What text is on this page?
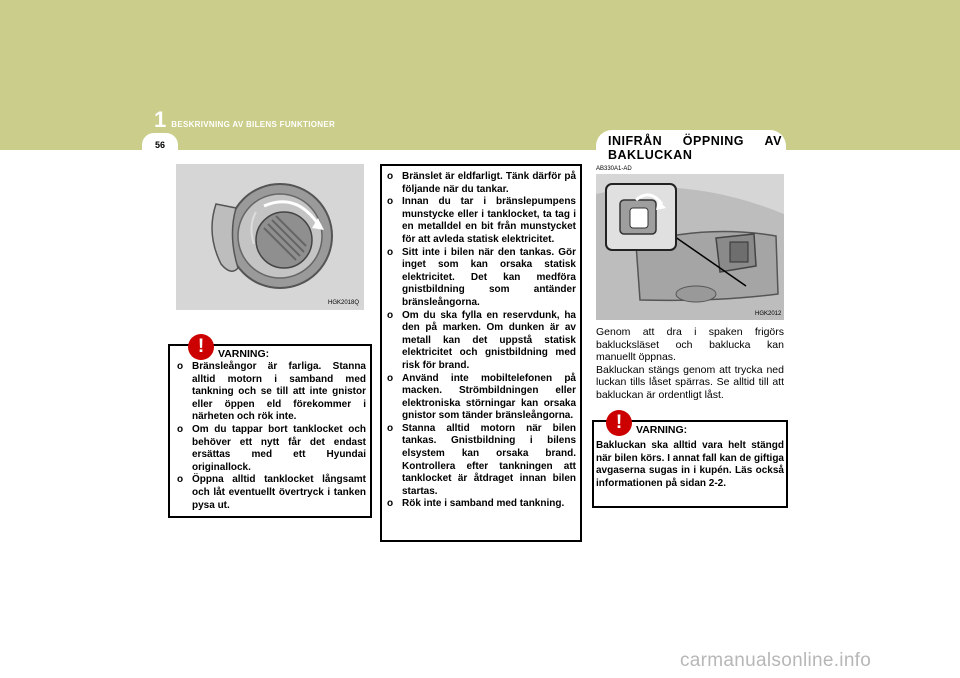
1 BESKRIVNING AV BILENS FUNKTIONER
56	INIFRÅN ÖPPNING AV
BAKLUCKAN
AB330A1-AD
HGK2018Q
!	VARNING:
o Bränsleångor är farliga. Stanna alltid motorn i samband med tankning och se till att inte gnistor eller öppen eld förekommer i närheten och rök inte.
o Om du tappar bort tanklocket och behöver ett nytt får det endast ersättas med ett Hyundai originallock.
o Öppna alltid tanklocket långsamt och låt eventuellt övertryck i tanken pysa ut.
o Bränslet är eldfarligt. Tänk därför på följande när du tankar.
o Innan du tar i bränslepumpens munstycke eller i tanklocket, ta tag i en metalldel en bit från munstycket för att avleda statisk elektricitet.
o Sitt inte i bilen när den tankas. Gör inget som kan orsaka statisk elektricitet. Det kan medföra gnistbildning som antänder bränsleångorna.
o Om du ska fylla en reservdunk, ha den på marken. Om dunken är av metall kan det uppstå statisk elektricitet och gnistbildning med risk för brand.
o Använd inte mobiltelefonen på macken. Strömbildningen eller elektroniska störningar kan orsaka gnistor som tänder bränsleångorna.
o Stanna alltid motorn när bilen tankas. Gnistbildning i bilens elsystem kan orsaka brand. Kontrollera efter tankningen att tanklocket är åtdraget innan bilen startas.
o Rök inte i samband med tankning.
HGK2012

Genom att dra i spaken frigörs baklucksläset och baklucka kan manuellt öppnas.

Bakluckan stängs genom att trycka ned luckan tills låset spärras. Se alltid till att bakluckan är ordentligt låst.

!	VARNING:
Bakluckan ska alltid vara helt stängd när bilen körs. I annat fall kan de giftiga avgaserna sugas in i kupén. Läs också informationen på sidan 2-2.
carmanualsonline.info
